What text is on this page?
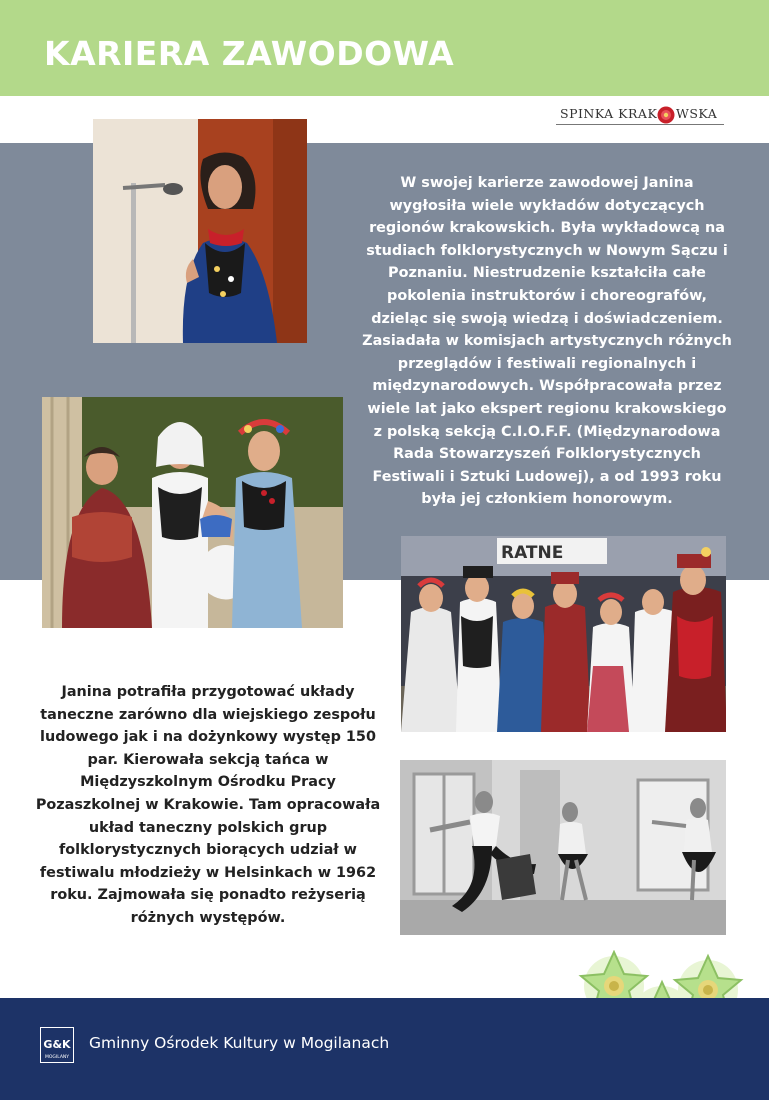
KARIERA ZAWODOWA
SPINKA KRAK WSKA

W swojej karierze zawodowej Janina wygłosiła wiele wykładów dotyczących regionów krakowskich. Była wykładowcą na studiach folklorystycznych w Nowym Sączu i Poznaniu. Niestrudzenie kształciła całe pokolenia instruktorów i choreografów, dzieląc się swoją wiedzą i doświadczeniem. Zasiadała w komisjach artystycznych różnych przeglądów i festiwali regionalnych i międzynarodowych. Współpracowała przez wiele lat jako ekspert regionu krakowskiego z polską sekcją C.I.O.F.F. (Międzynarodowa Rada Stowarzyszeń Folklorystycznych Festiwali i Sztuki Ludowej), a od 1993 roku była jej członkiem honorowym.

RATNE

Janina potrafiła przygotować układy taneczne zarówno dla wiejskiego zespołu ludowego jak i na dożynkowy występ 150 par. Kierowała sekcją tańca w Międzyszkolnym Ośrodku Pracy Pozaszkolnej w Krakowie. Tam opracowała układ taneczny polskich grup folklorystycznych biorących udział w festiwalu młodzieży w Helsinkach w 1962 roku. Zajmowała się ponadto reżyserią różnych występów.

G&K
MOGILANY
Gminny Ośrodek Kultury w Mogilanach
